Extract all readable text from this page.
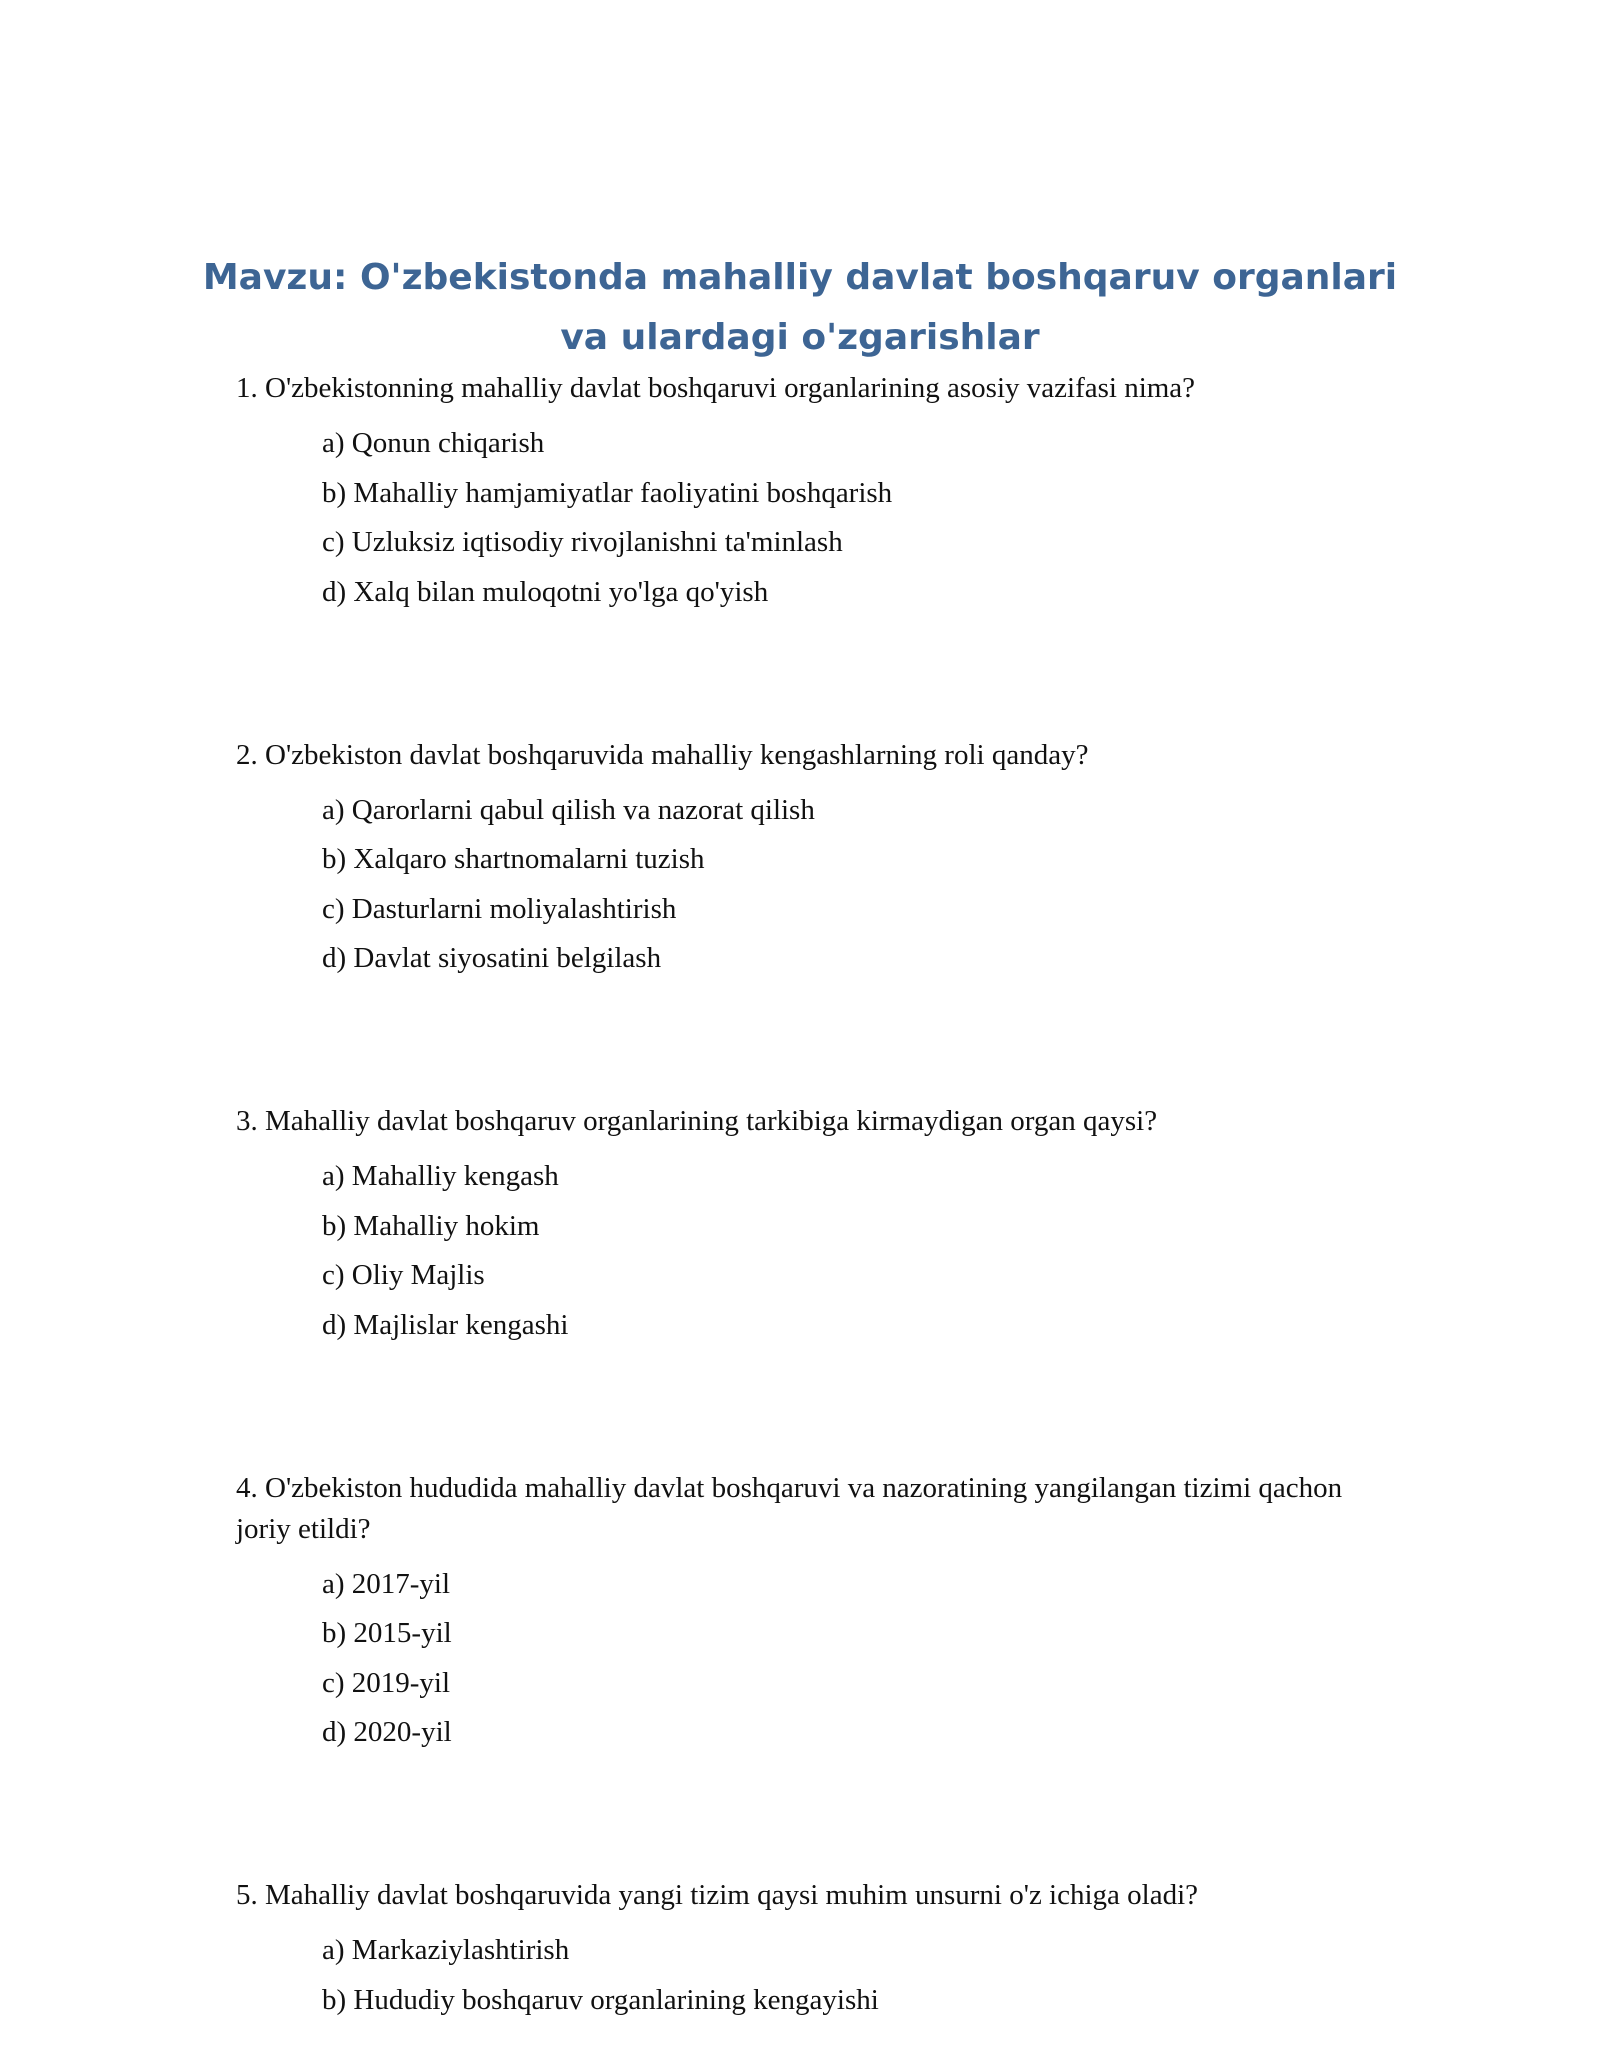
Mavzu: O'zbekistonda mahalliy davlat boshqaruv organlari va ulardagi o'zgarishlar

1. O'zbekistonning mahalliy davlat boshqaruvi organlarining asosiy vazifasi nima?

a) Qonun chiqarish
b) Mahalliy hamjamiyatlar faoliyatini boshqarish
c) Uzluksiz iqtisodiy rivojlanishni ta'minlash
d) Xalq bilan muloqotni yo'lga qo'yish

2. O'zbekiston davlat boshqaruvida mahalliy kengashlarning roli qanday?

a) Qarorlarni qabul qilish va nazorat qilish
b) Xalqaro shartnomalarni tuzish
c) Dasturlarni moliyalashtirish
d) Davlat siyosatini belgilash

3. Mahalliy davlat boshqaruv organlarining tarkibiga kirmaydigan organ qaysi?

a) Mahalliy kengash
b) Mahalliy hokim
c) Oliy Majlis
d) Majlislar kengashi

4. O'zbekiston hududida mahalliy davlat boshqaruvi va nazoratining yangilangan tizimi qachon joriy etildi?

a) 2017-yil
b) 2015-yil
c) 2019-yil
d) 2020-yil

5. Mahalliy davlat boshqaruvida yangi tizim qaysi muhim unsurni o'z ichiga oladi?

a) Markaziylashtirish
b) Hududiy boshqaruv organlarining kengayishi
